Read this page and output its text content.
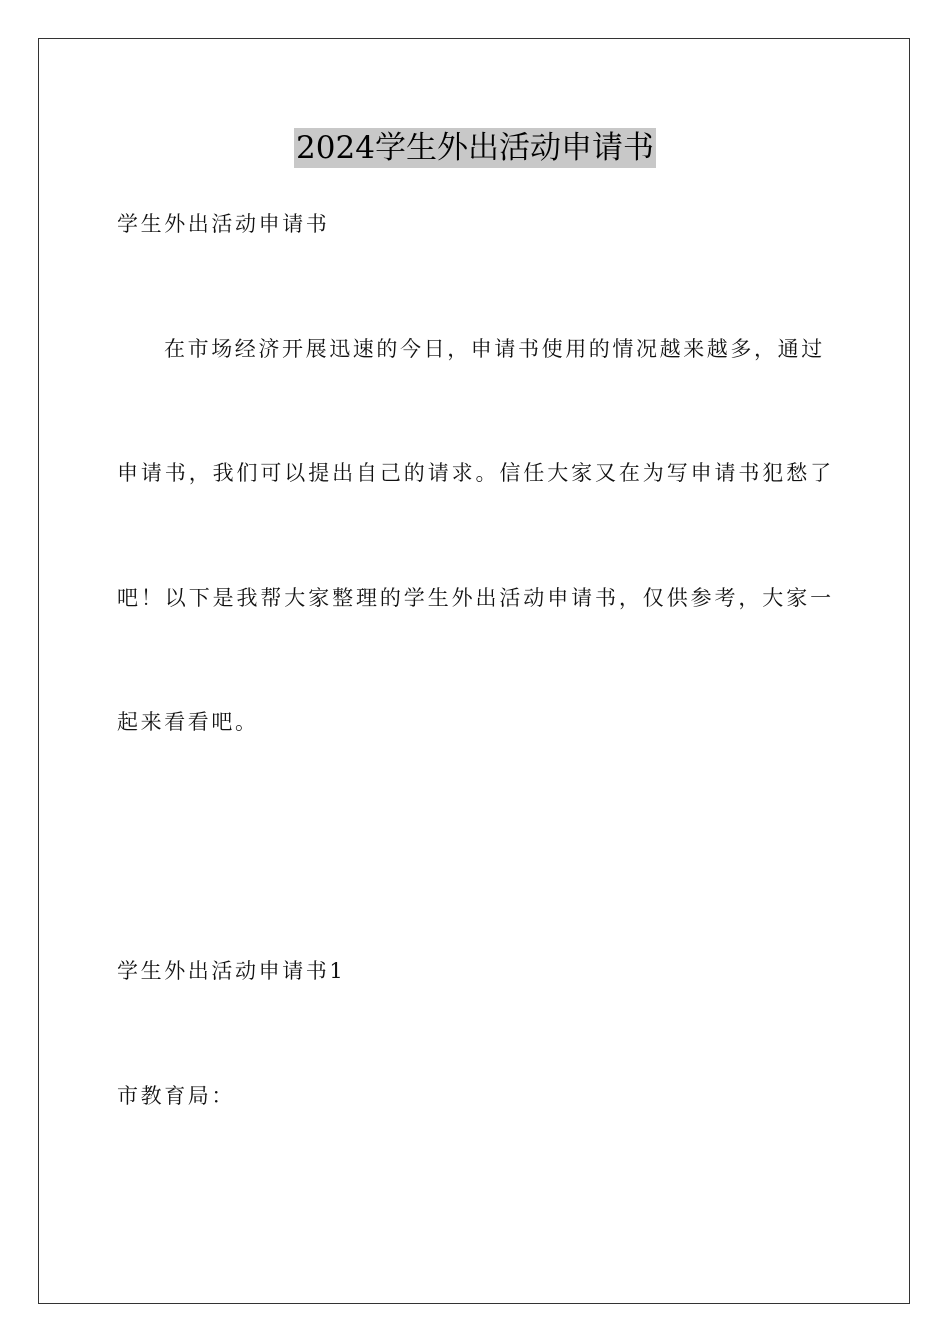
2024学生外出活动申请书
学生外出活动申请书
在市场经济开展迅速的今日，申请书使用的情况越来越多，通过
申请书，我们可以提出自己的请求。信任大家又在为写申请书犯愁了
吧！以下是我帮大家整理的学生外出活动申请书，仅供参考，大家一
起来看看吧。
学生外出活动申请书1
市教育局：
